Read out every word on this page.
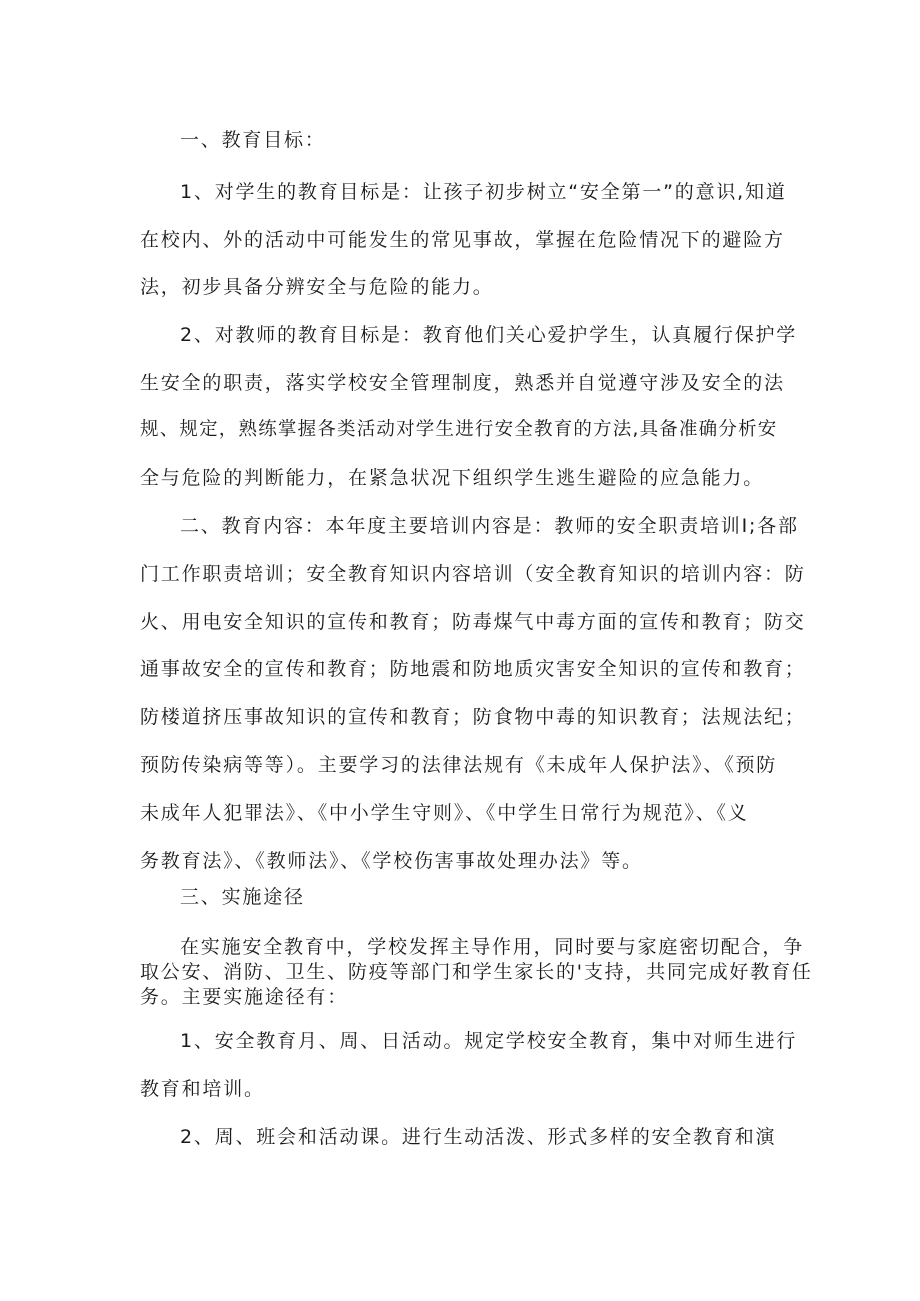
一、教育目标：
1、对学生的教育目标是：让孩子初步树立“安全第一”的意识,知道
在校内、外的活动中可能发生的常见事故，掌握在危险情况下的避险方
法，初步具备分辨安全与危险的能力。
2、对教师的教育目标是：教育他们关心爱护学生，认真履行保护学
生安全的职责，落实学校安全管理制度，熟悉并自觉遵守涉及安全的法
规、规定，熟练掌握各类活动对学生进行安全教育的方法,具备准确分析安
全与危险的判断能力，在紧急状况下组织学生逃生避险的应急能力。
二、教育内容：本年度主要培训内容是：教师的安全职责培训I;各部
门工作职责培训；安全教育知识内容培训（安全教育知识的培训内容：防
火、用电安全知识的宣传和教育；防毒煤气中毒方面的宣传和教育；防交
通事故安全的宣传和教育；防地震和防地质灾害安全知识的宣传和教育；
防楼道挤压事故知识的宣传和教育；防食物中毒的知识教育；法规法纪；
预防传染病等等）。主要学习的法律法规有《未成年人保护法》、《预防
未成年人犯罪法》、《中小学生守则》、《中学生日常行为规范》、《义
务教育法》、《教师法》、《学校伤害事故处理办法》等。
三、实施途径
在实施安全教育中，学校发挥主导作用，同时要与家庭密切配合，争
取公安、消防、卫生、防疫等部门和学生家长的'支持，共同完成好教育任
务。主要实施途径有：
1、安全教育月、周、日活动。规定学校安全教育，集中对师生进行
教育和培训。
2、周、班会和活动课。进行生动活泼、形式多样的安全教育和演
